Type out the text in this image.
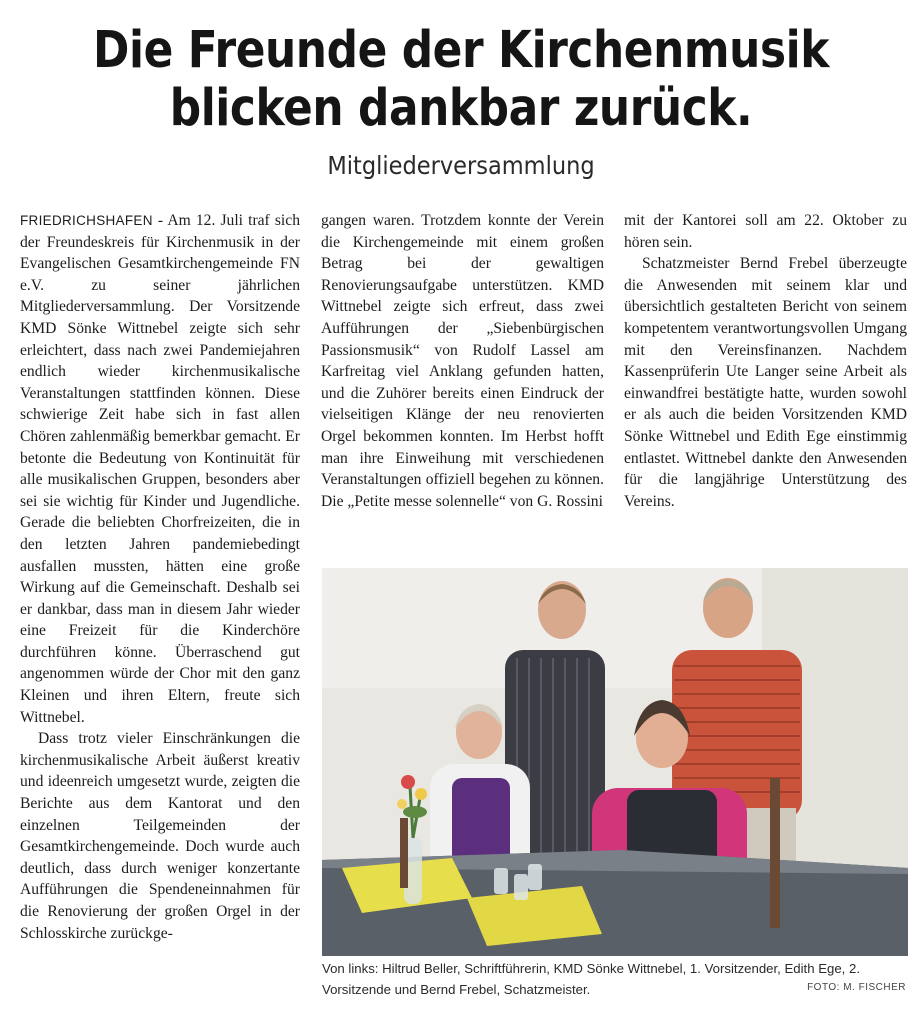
Die Freunde der Kirchenmusik
blicken dankbar zurück.
Mitgliederversammlung

FRIEDRICHSHAFEN - Am 12. Juli traf sich der Freundeskreis für Kirchenmusik in der Evangelischen Gesamtkirchengemeinde FN e.V. zu seiner jährlichen Mitgliederversammlung. Der Vorsitzende KMD Sönke Wittnebel zeigte sich sehr erleichtert, dass nach zwei Pandemiejahren endlich wieder kirchenmusikalische Veranstaltungen stattfinden können. Diese schwierige Zeit habe sich in fast allen Chören zahlenmäßig bemerkbar gemacht. Er betonte die Bedeutung von Kontinuität für alle musikalischen Gruppen, besonders aber sei sie wichtig für Kinder und Jugendliche. Gerade die beliebten Chorfreizeiten, die in den letzten Jahren pandemiebedingt ausfallen mussten, hätten eine große Wirkung auf die Gemeinschaft. Deshalb sei er dankbar, dass man in diesem Jahr wieder eine Freizeit für die Kinderchöre durchführen könne. Überraschend gut angenommen würde der Chor mit den ganz Kleinen und ihren Eltern, freute sich Wittnebel.

Dass trotz vieler Einschränkungen die kirchenmusikalische Arbeit äußerst kreativ und ideenreich umgesetzt wurde, zeigten die Berichte aus dem Kantorat und den einzelnen Teilgemeinden der Gesamtkirchengemeinde. Doch wurde auch deutlich, dass durch weniger konzertante Aufführungen die Spendeneinnahmen für die Renovierung der großen Orgel in der Schlosskirche zurückge-

gangen waren. Trotzdem konnte der Verein die Kirchengemeinde mit einem großen Betrag bei der gewaltigen Renovierungsaufgabe unterstützen. KMD Wittnebel zeigte sich erfreut, dass zwei Aufführungen der „Siebenbürgischen Passionsmusik“ von Rudolf Lassel am Karfreitag viel Anklang gefunden hatten, und die Zuhörer bereits einen Eindruck der vielseitigen Klänge der neu renovierten Orgel bekommen konnten. Im Herbst hofft man ihre Einweihung mit verschiedenen Veranstaltungen offiziell begehen zu können. Die „Petite messe solennelle“ von G. Rossini

mit der Kantorei soll am 22. Oktober zu hören sein.

Schatzmeister Bernd Frebel überzeugte die Anwesenden mit seinem klar und übersichtlich gestalteten Bericht von seinem kompetentem verantwortungsvollen Umgang mit den Vereinsfinanzen. Nachdem Kassenprüferin Ute Langer seine Arbeit als einwandfrei bestätigte hatte, wurden sowohl er als auch die beiden Vorsitzenden KMD Sönke Wittnebel und Edith Ege einstimmig entlastet. Wittnebel dankte den Anwesenden für die langjährige Unterstützung des Vereins.

Von links: Hiltrud Beller, Schriftführerin, KMD Sönke Wittnebel, 1. Vorsitzender, Edith Ege, 2. Vorsitzende und Bernd Frebel, Schatzmeister.	FOTO: M. FISCHER
